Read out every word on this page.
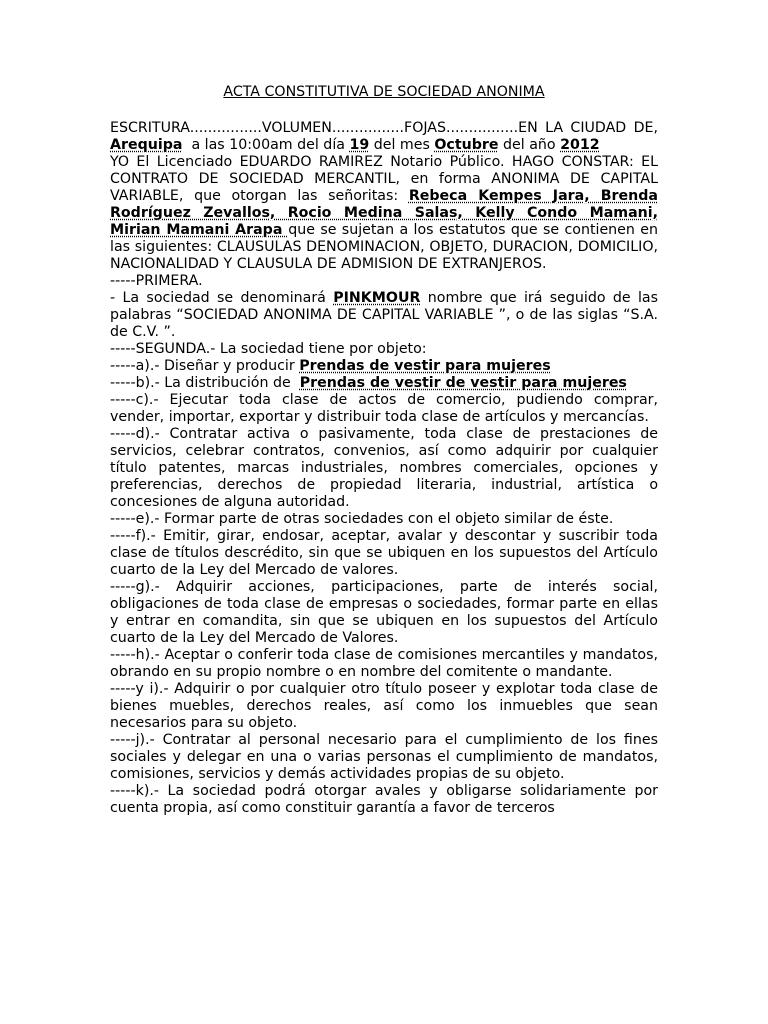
ACTA CONSTITUTIVA DE SOCIEDAD ANONIMA

ESCRITURA................VOLUMEN................FOJAS................EN LA CIUDAD DE, Arequipa  a las 10:00am del día 19 del mes Octubre del año 2012

YO El Licenciado EDUARDO RAMIREZ Notario Público. HAGO CONSTAR: EL CONTRATO DE SOCIEDAD MERCANTIL, en forma ANONIMA DE CAPITAL VARIABLE, que otorgan las señoritas: Rebeca Kempes Jara, Brenda Rodríguez Zevallos, Rocio Medina Salas, Kelly Condo Mamani, Mirian Mamani Arapa que se sujetan a los estatutos que se contienen en las siguientes: CLAUSULAS DENOMINACION, OBJETO, DURACION, DOMICILIO, NACIONALIDAD Y CLAUSULA DE ADMISION DE EXTRANJEROS.

-----PRIMERA.

- La sociedad se denominará PINKMOUR nombre que irá seguido de las palabras “SOCIEDAD ANONIMA DE CAPITAL VARIABLE ”, o de las siglas “S.A. de C.V. ”.

-----SEGUNDA.- La sociedad tiene por objeto:

-----a).- Diseñar y producir Prendas de vestir para mujeres

-----b).- La distribución de  Prendas de vestir de vestir para mujeres

-----c).- Ejecutar toda clase de actos de comercio, pudiendo comprar, vender, importar, exportar y distribuir toda clase de artículos y mercancías.

-----d).- Contratar activa o pasivamente, toda clase de prestaciones de servicios, celebrar contratos, convenios, así como adquirir por cualquier título patentes, marcas industriales, nombres comerciales, opciones y preferencias, derechos de propiedad literaria, industrial, artística o concesiones de alguna autoridad.

-----e).- Formar parte de otras sociedades con el objeto similar de éste.

-----f).- Emitir, girar, endosar, aceptar, avalar y descontar y suscribir toda clase de títulos descrédito, sin que se ubiquen en los supuestos del Artículo cuarto de la Ley del Mercado de valores.

-----g).- Adquirir acciones, participaciones, parte de interés social, obligaciones de toda clase de empresas o sociedades, formar parte en ellas y entrar en comandita, sin que se ubiquen en los supuestos del Artículo cuarto de la Ley del Mercado de Valores.

-----h).- Aceptar o conferir toda clase de comisiones mercantiles y mandatos, obrando en su propio nombre o en nombre del comitente o mandante.

-----y i).- Adquirir o por cualquier otro título poseer y explotar toda clase de bienes muebles, derechos reales, así como los inmuebles que sean necesarios para su objeto.

-----j).- Contratar al personal necesario para el cumplimiento de los fines sociales y delegar en una o varias personas el cumplimiento de mandatos, comisiones, servicios y demás actividades propias de su objeto.

-----k).- La sociedad podrá otorgar avales y obligarse solidariamente por cuenta propia, así como constituir garantía a favor de terceros
